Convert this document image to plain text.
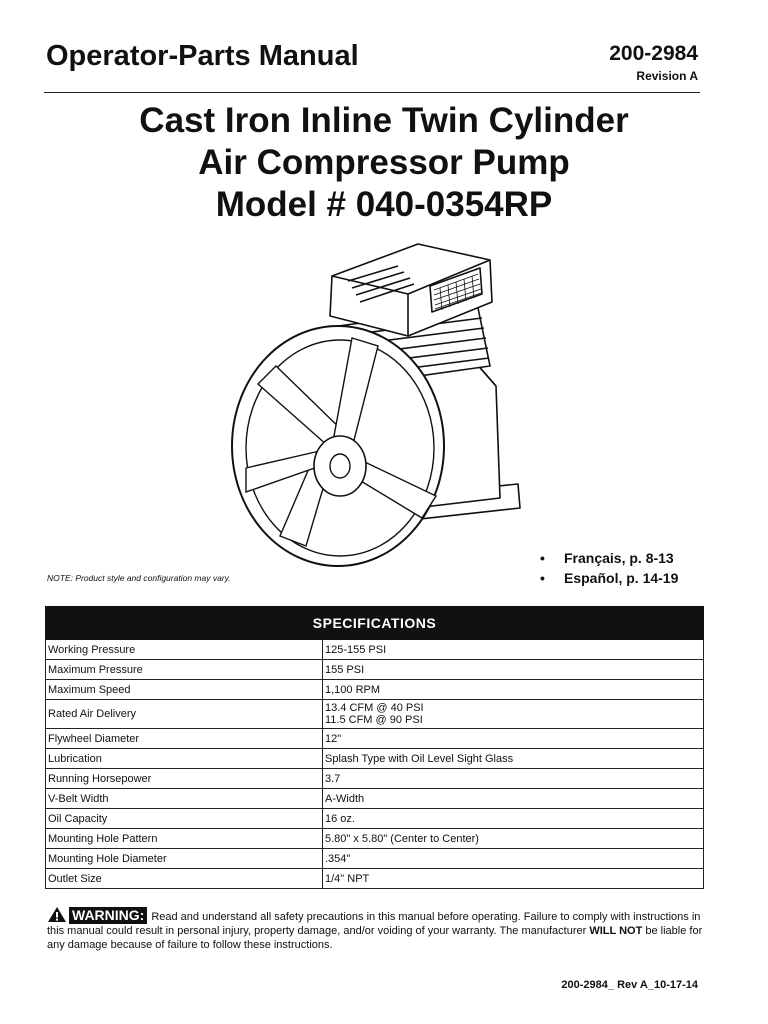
Operator-Parts Manual	200-2984
Revision A
Cast Iron Inline Twin Cylinder
Air Compressor Pump
Model # 040-0354RP
• Français, p. 8-13
• Español, p. 14-19
NOTE: Product style and configuration may vary.
SPECIFICATIONS	
Working Pressure	125-155 PSI
Maximum Pressure	155 PSI
Maximum Speed	1,100 RPM
Rated Air Delivery	13.4 CFM @ 40 PSI
11.5 CFM @ 90 PSI

Flywheel Diameter	12"
Lubrication	Splash Type with Oil Level Sight Glass
Running Horsepower	3.7
V-Belt Width	A-Width
Oil Capacity	16 oz.
Mounting Hole Pattern	5.80" x 5.80" (Center to Center)
Mounting Hole Diameter	.354"
Outlet Size	1/4" NPT
WARNING: Read and understand all safety precautions in this manual before operating. Failure to comply with instructions in this manual could result in personal injury, property damage, and/or voiding of your warranty. The manufacturer WILL NOT be liable for any damage because of failure to follow these instructions.
200-2984_ Rev A_10-17-14
